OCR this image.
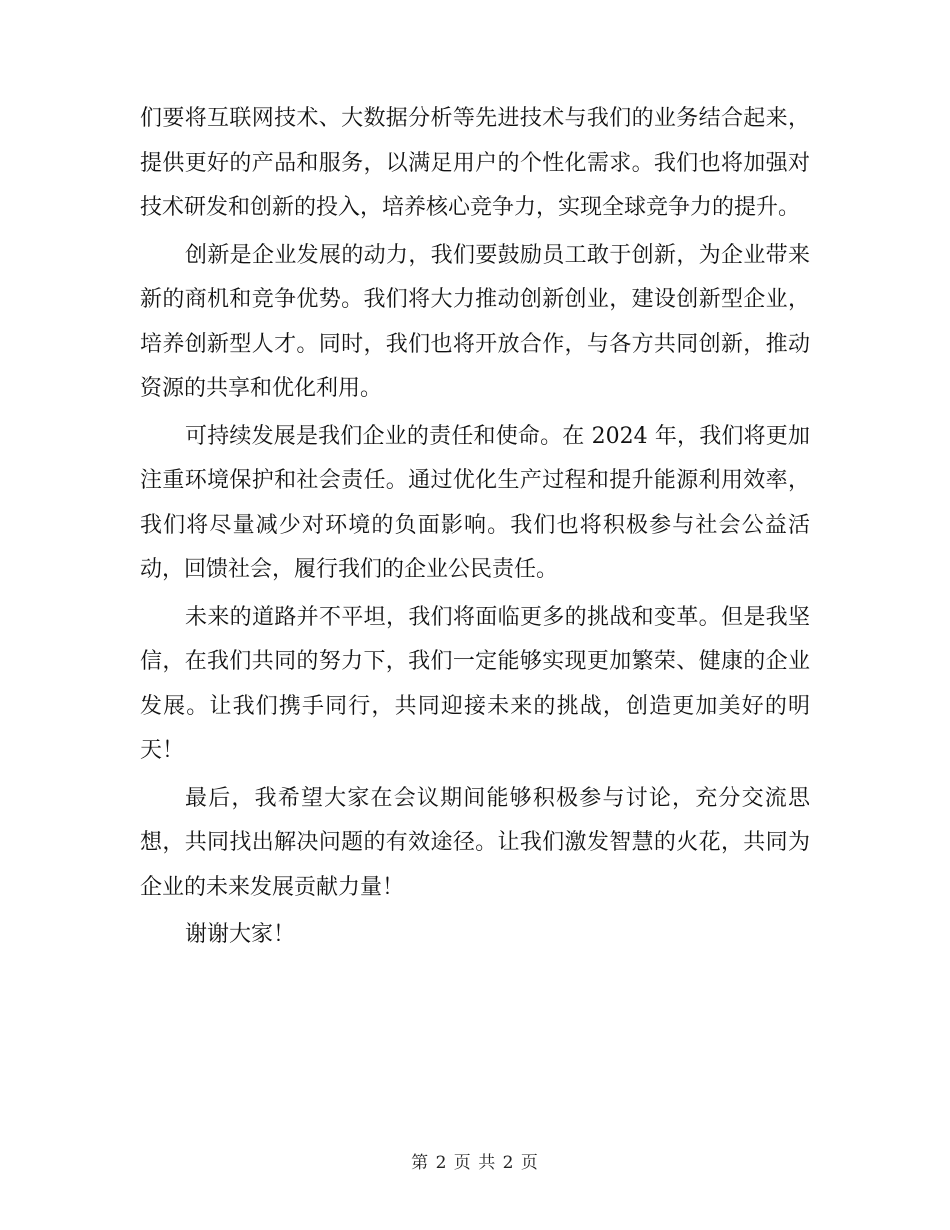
们要将互联网技术、大数据分析等先进技术与我们的业务结合起来，提供更好的产品和服务，以满足用户的个性化需求。我们也将加强对技术研发和创新的投入，培养核心竞争力，实现全球竞争力的提升。

创新是企业发展的动力，我们要鼓励员工敢于创新，为企业带来新的商机和竞争优势。我们将大力推动创新创业，建设创新型企业，培养创新型人才。同时，我们也将开放合作，与各方共同创新，推动资源的共享和优化利用。

可持续发展是我们企业的责任和使命。在 2024 年，我们将更加注重环境保护和社会责任。通过优化生产过程和提升能源利用效率，我们将尽量减少对环境的负面影响。我们也将积极参与社会公益活动，回馈社会，履行我们的企业公民责任。

未来的道路并不平坦，我们将面临更多的挑战和变革。但是我坚信，在我们共同的努力下，我们一定能够实现更加繁荣、健康的企业发展。让我们携手同行，共同迎接未来的挑战，创造更加美好的明天！

最后，我希望大家在会议期间能够积极参与讨论，充分交流思想，共同找出解决问题的有效途径。让我们激发智慧的火花，共同为企业的未来发展贡献力量！

谢谢大家！

第 2 页 共 2 页
